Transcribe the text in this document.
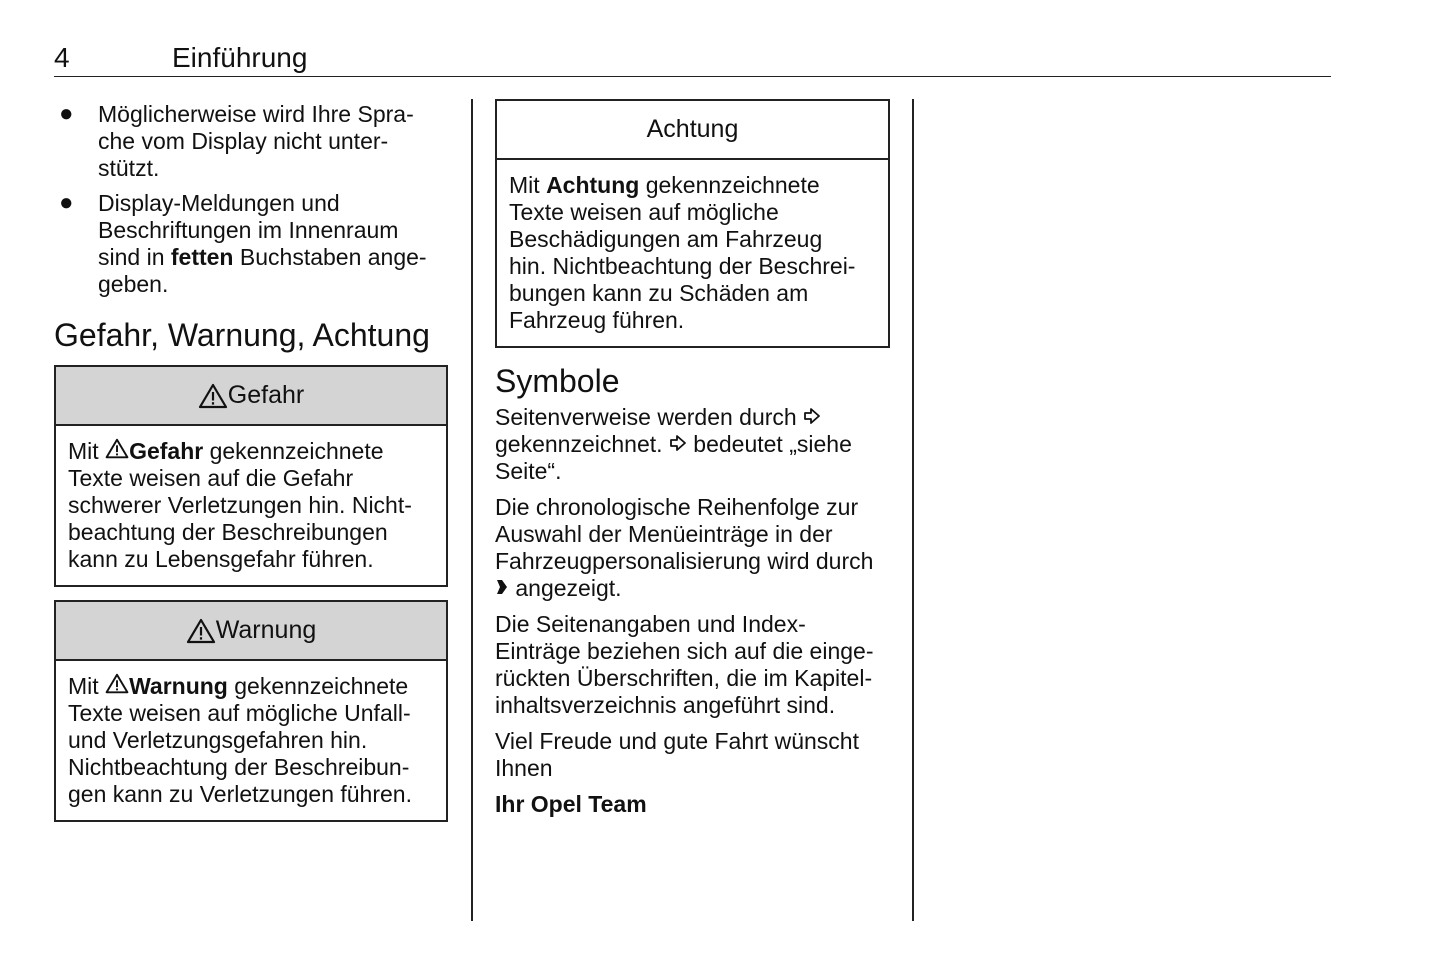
4	Einführung
● Möglicherweise wird Ihre Spra-
che vom Display nicht unter-
stützt.
● Display-Meldungen und
Beschriftungen im Innenraum
sind in fetten Buchstaben ange-
geben.
Gefahr, Warnung, Achtung
Gefahr
Mit Gefahr gekennzeichnete
Texte weisen auf die Gefahr
schwerer Verletzungen hin. Nicht-
beachtung der Beschreibungen
kann zu Lebensgefahr führen.
Warnung
Mit Warnung gekennzeichnete
Texte weisen auf mögliche Unfall-
und Verletzungsgefahren hin.
Nichtbeachtung der Beschreibun-
gen kann zu Verletzungen führen.
Achtung
Mit Achtung gekennzeichnete
Texte weisen auf mögliche
Beschädigungen am Fahrzeug
hin. Nichtbeachtung der Beschrei-
bungen kann zu Schäden am
Fahrzeug führen.
Symbole

Seitenverweise werden durch
gekennzeichnet.  bedeutet „siehe
Seite“.

Die chronologische Reihenfolge zur
Auswahl der Menüeinträge in der
Fahrzeugpersonalisierung wird durch
angezeigt.

Die Seitenangaben und Index-
Einträge beziehen sich auf die einge-
rückten Überschriften, die im Kapitel-
inhaltsverzeichnis angeführt sind.

Viel Freude und gute Fahrt wünscht
Ihnen

Ihr Opel Team
